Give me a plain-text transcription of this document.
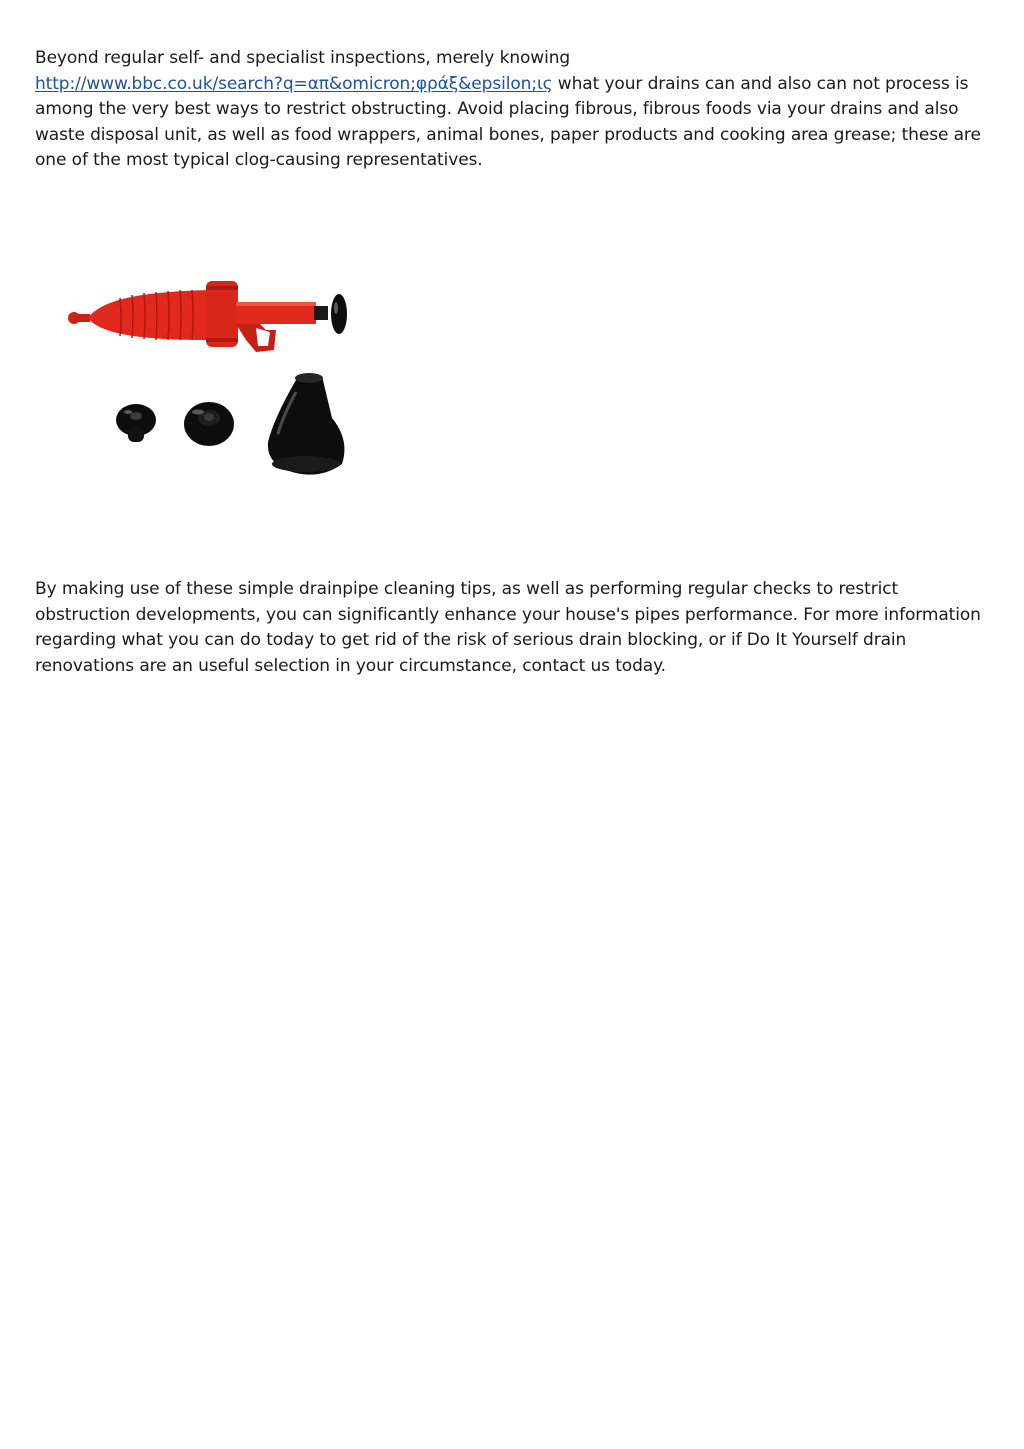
Beyond regular self- and specialist inspections, merely knowing
http://www.bbc.co.uk/search?q=απ&omicron;φράξ&epsilon;ις what your drains can and also can not process is among the very best ways to restrict obstructing. Avoid placing fibrous, fibrous foods via your drains and also waste disposal unit, as well as food wrappers, animal bones, paper products and cooking area grease; these are one of the most typical clog-causing representatives.

By making use of these simple drainpipe cleaning tips, as well as performing regular checks to restrict obstruction developments, you can significantly enhance your house's pipes performance. For more information regarding what you can do today to get rid of the risk of serious drain blocking, or if Do It Yourself drain renovations are an useful selection in your circumstance, contact us today.
